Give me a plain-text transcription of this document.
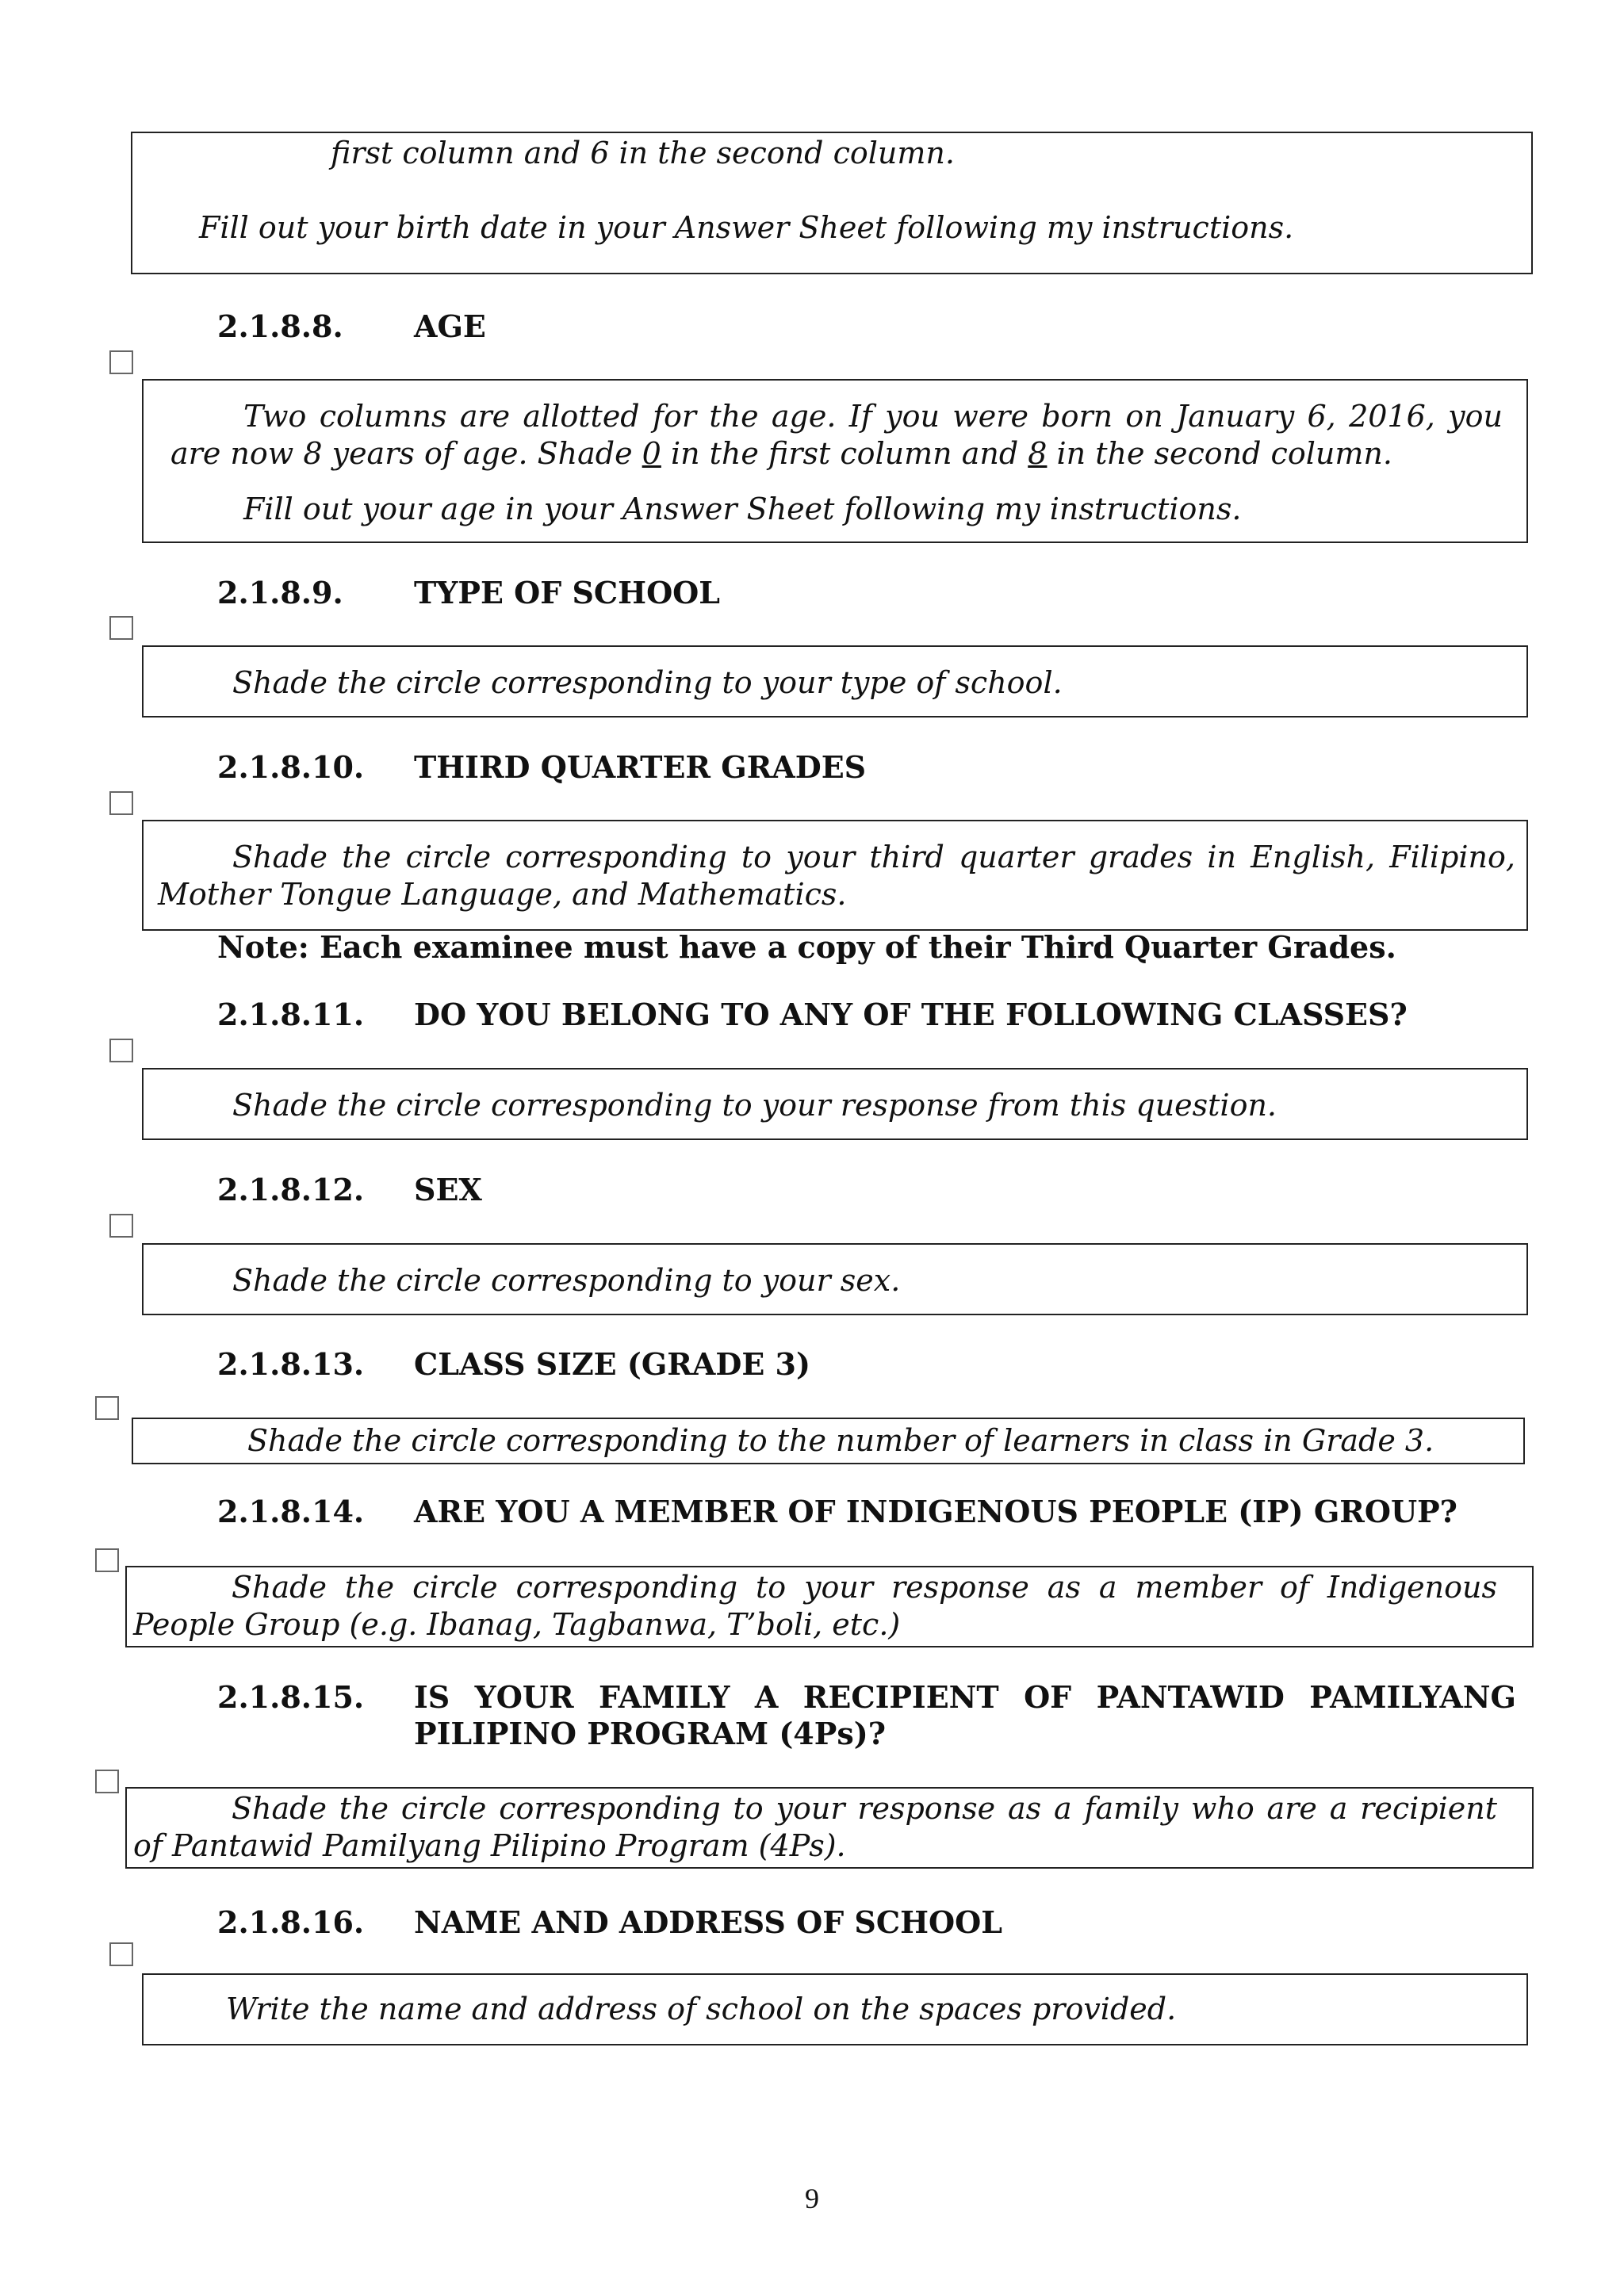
first column and 6 in the second column.
Fill out your birth date in your Answer Sheet following my instructions.
2.1.8.8. AGE
Two columns are allotted for the age. If you were born on January 6, 2016, you are now 8 years of age. Shade 0 in the first column and 8 in the second column.
Fill out your age in your Answer Sheet following my instructions.
2.1.8.9. TYPE OF SCHOOL
Shade the circle corresponding to your type of school.
2.1.8.10. THIRD QUARTER GRADES
Shade the circle corresponding to your third quarter grades in English, Filipino, Mother Tongue Language, and Mathematics.
Note: Each examinee must have a copy of their Third Quarter Grades.
2.1.8.11. DO YOU BELONG TO ANY OF THE FOLLOWING CLASSES?
Shade the circle corresponding to your response from this question.
2.1.8.12. SEX
Shade the circle corresponding to your sex.
2.1.8.13. CLASS SIZE (GRADE 3)
Shade the circle corresponding to the number of learners in class in Grade 3.
2.1.8.14. ARE YOU A MEMBER OF INDIGENOUS PEOPLE (IP) GROUP?
Shade the circle corresponding to your response as a member of Indigenous People Group (e.g. Ibanag, Tagbanwa, T’boli, etc.)
2.1.8.15. IS YOUR FAMILY A RECIPIENT OF PANTAWID PAMILYANG PILIPINO PROGRAM (4Ps)?
Shade the circle corresponding to your response as a family who are a recipient of Pantawid Pamilyang Pilipino Program (4Ps).
2.1.8.16. NAME AND ADDRESS OF SCHOOL
Write the name and address of school on the spaces provided.
9
